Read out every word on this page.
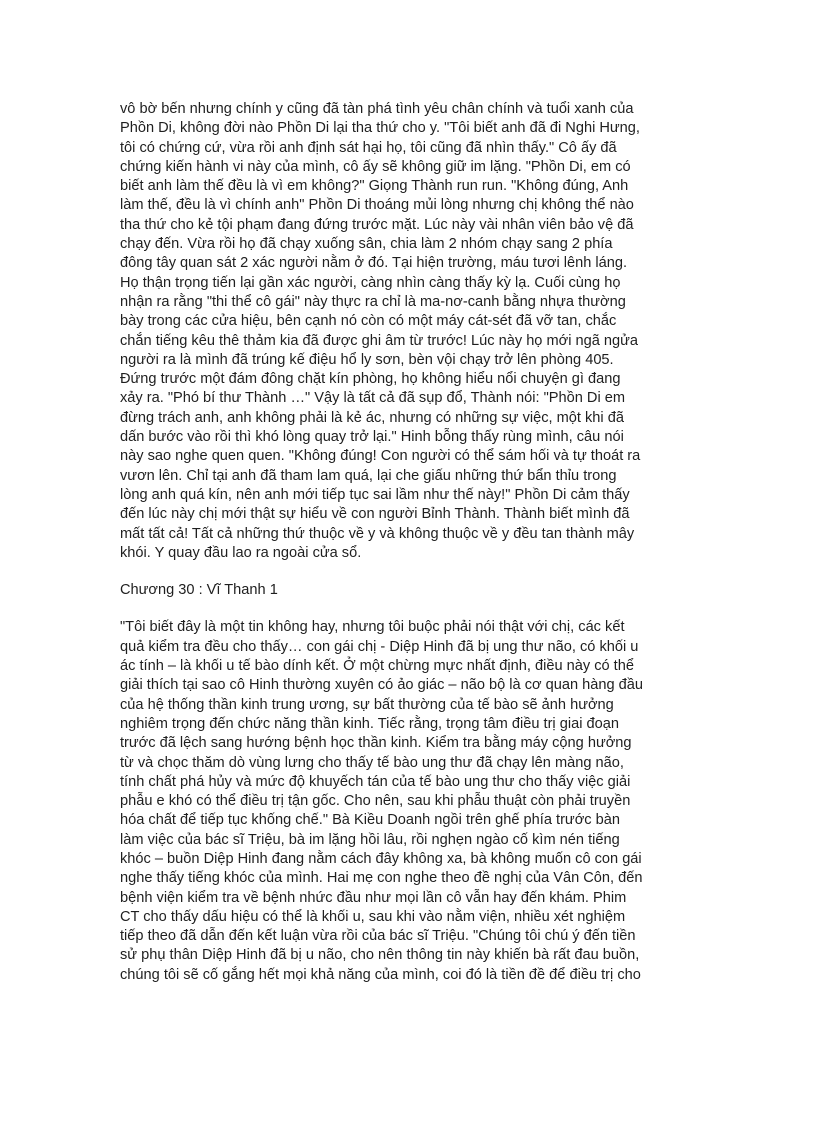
vô bờ bến nhưng chính y cũng đã tàn phá tình yêu chân chính và tuổi xanh của
Phồn Di, không đời nào Phồn Di lại tha thứ cho y. "Tôi biết anh đã đi Nghi Hưng,
tôi có chứng cứ, vừa rồi anh định sát hại họ, tôi cũng đã nhìn thấy." Cô ấy đã
chứng kiến hành vi này của mình, cô ấy sẽ không giữ im lặng. "Phồn Di, em có
biết anh làm thế đều là vì em không?" Giọng Thành run run. "Không đúng, Anh
làm thế, đều là vì chính anh" Phồn Di thoáng mủi lòng nhưng chị không thể nào
tha thứ cho kẻ tội phạm đang đứng trước mặt. Lúc này vài nhân viên bảo vệ đã
chạy đến. Vừa rồi họ đã chạy xuống sân, chia làm 2 nhóm chạy sang 2 phía
đông tây quan sát 2 xác người nằm ở đó. Tại hiện trường, máu tươi lênh láng.
Họ thận trọng tiến lại gần xác người, càng nhìn càng thấy kỳ lạ. Cuối cùng họ
nhận ra rằng "thi thể cô gái" này thực ra chỉ là ma-nơ-canh bằng nhựa thường
bày trong các cửa hiệu, bên cạnh nó còn có một máy cát-sét đã vỡ tan, chắc
chắn tiếng kêu thê thảm kia đã được ghi âm từ trước! Lúc này họ mới ngã ngửa
người ra là mình đã trúng kế điệu hổ ly sơn, bèn vội chạy trở lên phòng 405.
Đứng trước một đám đông chặt kín phòng, họ không hiểu nổi chuyện gì đang
xảy ra. "Phó bí thư Thành …" Vậy là tất cả đã sụp đổ, Thành nói: "Phồn Di em
đừng trách anh, anh không phải là kẻ ác, nhưng có những sự việc, một khi đã
dấn bước vào rồi thì khó lòng quay trở lại." Hinh bỗng thấy rùng mình, câu nói
này sao nghe quen quen. "Không đúng! Con người có thể sám hối và tự thoát ra
vươn lên. Chỉ tại anh đã tham lam quá, lại che giấu những thứ bẩn thỉu trong
lòng anh quá kín, nên anh mới tiếp tục sai lầm như thế này!" Phồn Di cảm thấy
đến lúc này chị mới thật sự hiểu về con người Bỉnh Thành. Thành biết mình đã
mất tất cả! Tất cả những thứ thuộc về y và không thuộc về y đều tan thành mây
khói. Y quay đầu lao ra ngoài cửa sổ.
Chương 30 : Vĩ Thanh 1
"Tôi biết đây là một tin không hay, nhưng tôi buộc phải nói thật với chị, các kết
quả kiểm tra đều cho thấy… con gái chị - Diệp Hinh đã bị ung thư não, có khối u
ác tính – là khối u tế bào dính kết. Ở một chừng mực nhất định, điều này có thể
giải thích tại sao cô Hinh thường xuyên có ảo giác – não bộ là cơ quan hàng đầu
của hệ thống thần kinh trung ương, sự bất thường của tế bào sẽ ảnh hưởng
nghiêm trọng đến chức năng thần kinh. Tiếc rằng, trọng tâm điều trị giai đoạn
trước đã lệch sang hướng bệnh học thần kinh. Kiểm tra bằng máy cộng hưởng
từ và chọc thăm dò vùng lưng cho thấy tế bào ung thư đã chạy lên màng não,
tính chất phá hủy và mức độ khuyếch tán của tế bào ung thư cho thấy việc giải
phẫu e khó có thể điều trị tận gốc. Cho nên, sau khi phẫu thuật còn phải truyền
hóa chất để tiếp tục khống chế." Bà Kiều Doanh ngồi trên ghế phía trước bàn
làm việc của bác sĩ Triệu, bà im lặng hồi lâu, rồi nghẹn ngào cố kìm nén tiếng
khóc – buồn Diệp Hinh đang nằm cách đây không xa, bà không muốn cô con gái
nghe thấy tiếng khóc của mình. Hai mẹ con nghe theo đề nghị của Vân Côn, đến
bệnh viện kiểm tra về bệnh nhức đầu như mọi lần cô vẫn hay đến khám. Phim
CT cho thấy dấu hiệu có thể là khối u, sau khi vào nằm viện, nhiều xét nghiệm
tiếp theo đã dẫn đến kết luận vừa rồi của bác sĩ Triệu. "Chúng tôi chú ý đến tiền
sử phụ thân Diệp Hinh đã bị u não, cho nên thông tin này khiến bà rất đau buồn,
chúng tôi sẽ cố gắng hết mọi khả năng của mình, coi đó là tiền đề để điều trị cho
